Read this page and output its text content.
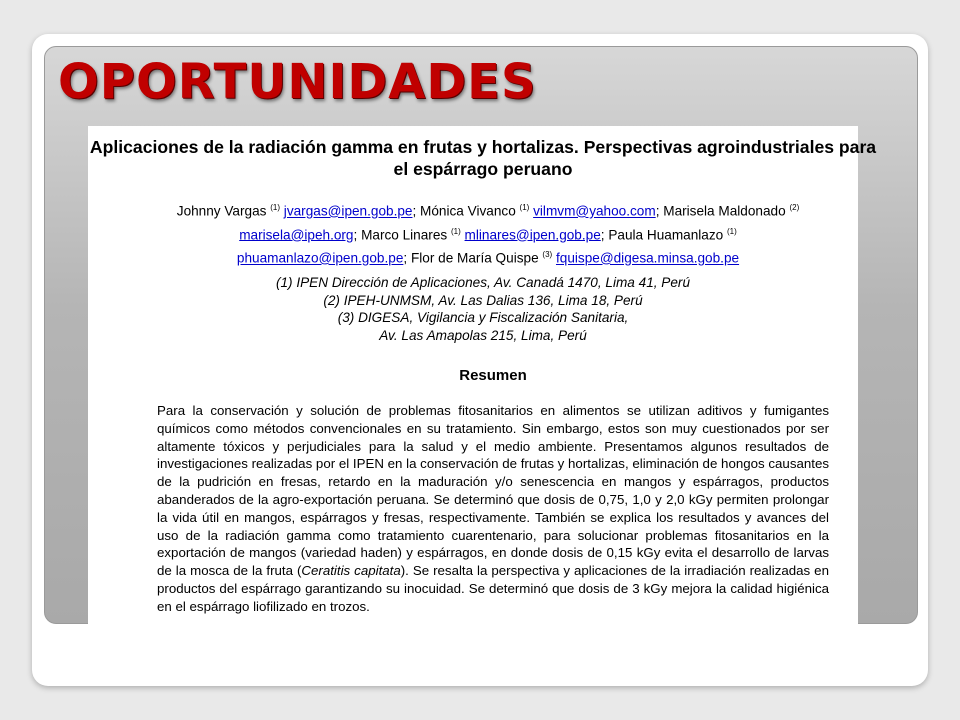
OPORTUNIDADES

Aplicaciones de la radiación gamma en frutas y hortalizas. Perspectivas agroindustriales para el espárrago peruano

Johnny Vargas $^{(1)}$ jvargas@ipen.gob.pe; Mónica Vivanco $^{(1)}$ vilmvm@yahoo.com; Marisela Maldonado $^{(2)}$
marisela@ipeh.org; Marco Linares $^{(1)}$ mlinares@ipen.gob.pe; Paula Huamanlazo $^{(1)}$
phuamanlazo@ipen.gob.pe; Flor de María Quispe $^{(3)}$ fquispe@digesa.minsa.gob.pe

(1) IPEN Dirección de Aplicaciones, Av. Canadá 1470, Lima 41, Perú
(2) IPEH-UNMSM, Av. Las Dalias 136, Lima 18, Perú
(3) DIGESA, Vigilancia y Fiscalización Sanitaria,
Av. Las Amapolas 215, Lima, Perú

Resumen

Para la conservación y solución de problemas fitosanitarios en alimentos se utilizan aditivos y fumigantes químicos como métodos convencionales en su tratamiento. Sin embargo, estos son muy cuestionados por ser altamente tóxicos y perjudiciales para la salud y el medio ambiente. Presentamos algunos resultados de investigaciones realizadas por el IPEN en la conservación de frutas y hortalizas, eliminación de hongos causantes de la pudrición en fresas, retardo en la maduración y/o senescencia en mangos y espárragos, productos abanderados de la agro-exportación peruana. Se determinó que dosis de 0,75, 1,0 y 2,0 kGy permiten prolongar la vida útil en mangos, espárragos y fresas, respectivamente. También se explica los resultados y avances del uso de la radiación gamma como tratamiento cuarentenario, para solucionar problemas fitosanitarios en la exportación de mangos (variedad haden) y espárragos, en donde dosis de 0,15 kGy evita el desarrollo de larvas de la mosca de la fruta (Ceratitis capitata). Se resalta la perspectiva y aplicaciones de la irradiación realizadas en productos del espárrago garantizando su inocuidad. Se determinó que dosis de 3 kGy mejora la calidad higiénica en el espárrago liofilizado en trozos.
